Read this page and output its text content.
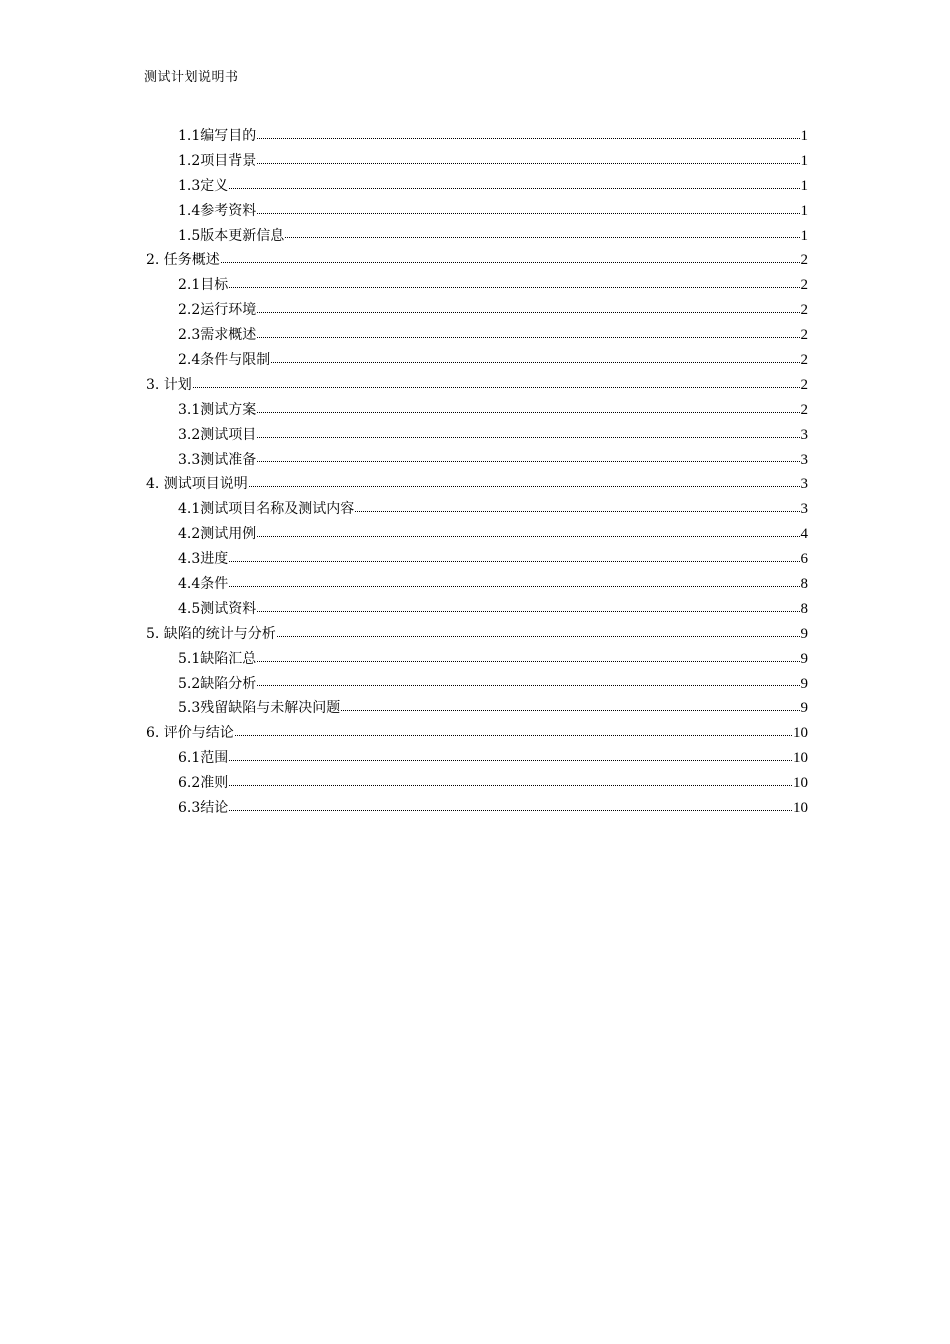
测试计划说明书
1.1编写目的	1
1.2项目背景	1
1.3定义	1
1.4参考资料	1
1.5版本更新信息	1
2. 任务概述	2
2.1目标	2
2.2运行环境	2
2.3需求概述	2
2.4条件与限制	2
3. 计划	2
3.1测试方案	2
3.2测试项目	3
3.3测试准备	3
4. 测试项目说明	3
4.1测试项目名称及测试内容	3
4.2测试用例	4
4.3进度	6
4.4条件	8
4.5测试资料	8
5. 缺陷的统计与分析	9
5.1缺陷汇总	9
5.2缺陷分析	9
5.3残留缺陷与未解决问题	9
6. 评价与结论	10
6.1范围	10
6.2准则	10
6.3结论	10
